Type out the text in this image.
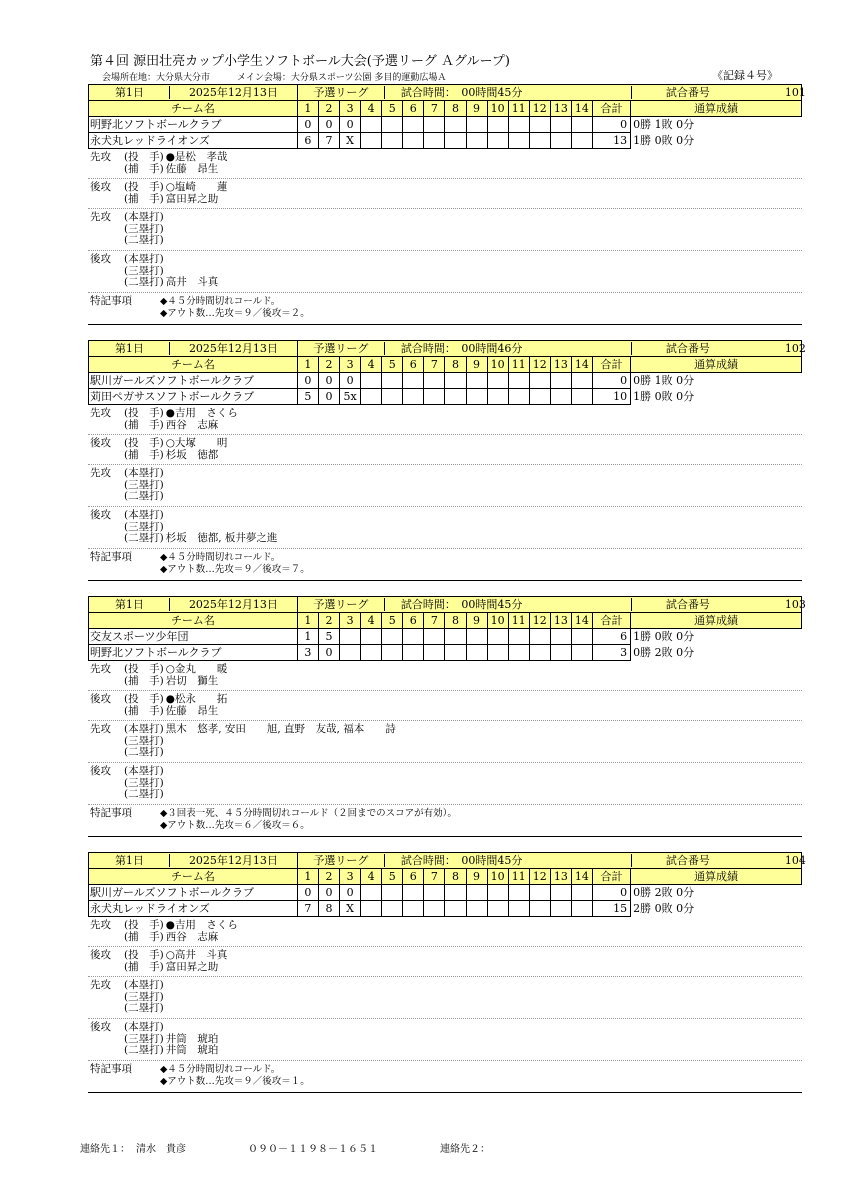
第４回 源田壮亮カップ小学生ソフトボール大会(予選リーグ Ａグループ)
会場所在地：大分県大分市　　　メイン会場：大分県スポーツ公園 多目的運動広場Ａ	《記録４号》
第1日 2025年12月13日	予選リーグ 試合時間：　00時間45分 試合番号 101															
チーム名	1	2	3	4	5	6	7	8	9	10	11	12	13	14	合計	通算成績
明野北ソフトボールクラブ	0	0	0												0	0勝 1敗 0分
永犬丸レッドライオンズ	6	7	X												13	1勝 0敗 0分
先攻 (投　手) ●是松　孝哉
(捕　手) 佐藤　昂生
後攻 (投　手) ○塩崎　　蓮
(捕　手) 富田昇之助
先攻 (本塁打)
(三塁打)
(二塁打)
後攻 (本塁打)
(三塁打)
(二塁打) 高井　斗真
特記事項	◆４５分時間切れコールド。
◆アウト数…先攻＝９／後攻＝２。
第1日 2025年12月13日	予選リーグ 試合時間：　00時間46分 試合番号 102															
チーム名	1	2	3	4	5	6	7	8	9	10	11	12	13	14	合計	通算成績
駅川ガールズソフトボールクラブ	0	0	0												0	0勝 1敗 0分
苅田ペガサスソフトボールクラブ	5	0	5x												10	1勝 0敗 0分
先攻 (投　手) ●吉用　さくら
(捕　手) 西谷　志麻
後攻 (投　手) ○大塚　　明
(捕　手) 杉坂　徳都
先攻 (本塁打)
(三塁打)
(二塁打)
後攻 (本塁打)
(三塁打)
(二塁打) 杉坂　徳都, 板井夢之進
特記事項	◆４５分時間切れコールド。
◆アウト数…先攻＝９／後攻＝７。
第1日 2025年12月13日	予選リーグ 試合時間：　00時間45分 試合番号 103															
チーム名	1	2	3	4	5	6	7	8	9	10	11	12	13	14	合計	通算成績
交友スポーツ少年団	1	5													6	1勝 0敗 0分
明野北ソフトボールクラブ	3	0													3	0勝 2敗 0分
先攻 (投　手) ○金丸　　暖
(捕　手) 岩切　獅生
後攻 (投　手) ●松永　　拓
(捕　手) 佐藤　昂生
先攻 (本塁打) 黒木　悠孝, 安田　　旭, 直野　友哉, 福本　　詩
(三塁打)
(二塁打)
後攻 (本塁打)
(三塁打)
(二塁打)
特記事項	◆３回表一死、４５分時間切れコールド（２回までのスコアが有効）。
◆アウト数…先攻＝６／後攻＝６。
第1日 2025年12月13日	予選リーグ 試合時間：　00時間45分 試合番号 104															
チーム名	1	2	3	4	5	6	7	8	9	10	11	12	13	14	合計	通算成績
駅川ガールズソフトボールクラブ	0	0	0												0	0勝 2敗 0分
永犬丸レッドライオンズ	7	8	X												15	2勝 0敗 0分
先攻 (投　手) ●吉用　さくら
(捕　手) 西谷　志麻
後攻 (投　手) ○高井　斗真
(捕　手) 富田昇之助
先攻 (本塁打)
(三塁打)
(二塁打)
後攻 (本塁打)
(三塁打) 井筒　琥珀
(二塁打) 井筒　琥珀
特記事項	◆４５分時間切れコールド。
◆アウト数…先攻＝９／後攻＝１。
連絡先１： 清水　貴彦	０９０－１１９８－１６５１	連絡先２：
